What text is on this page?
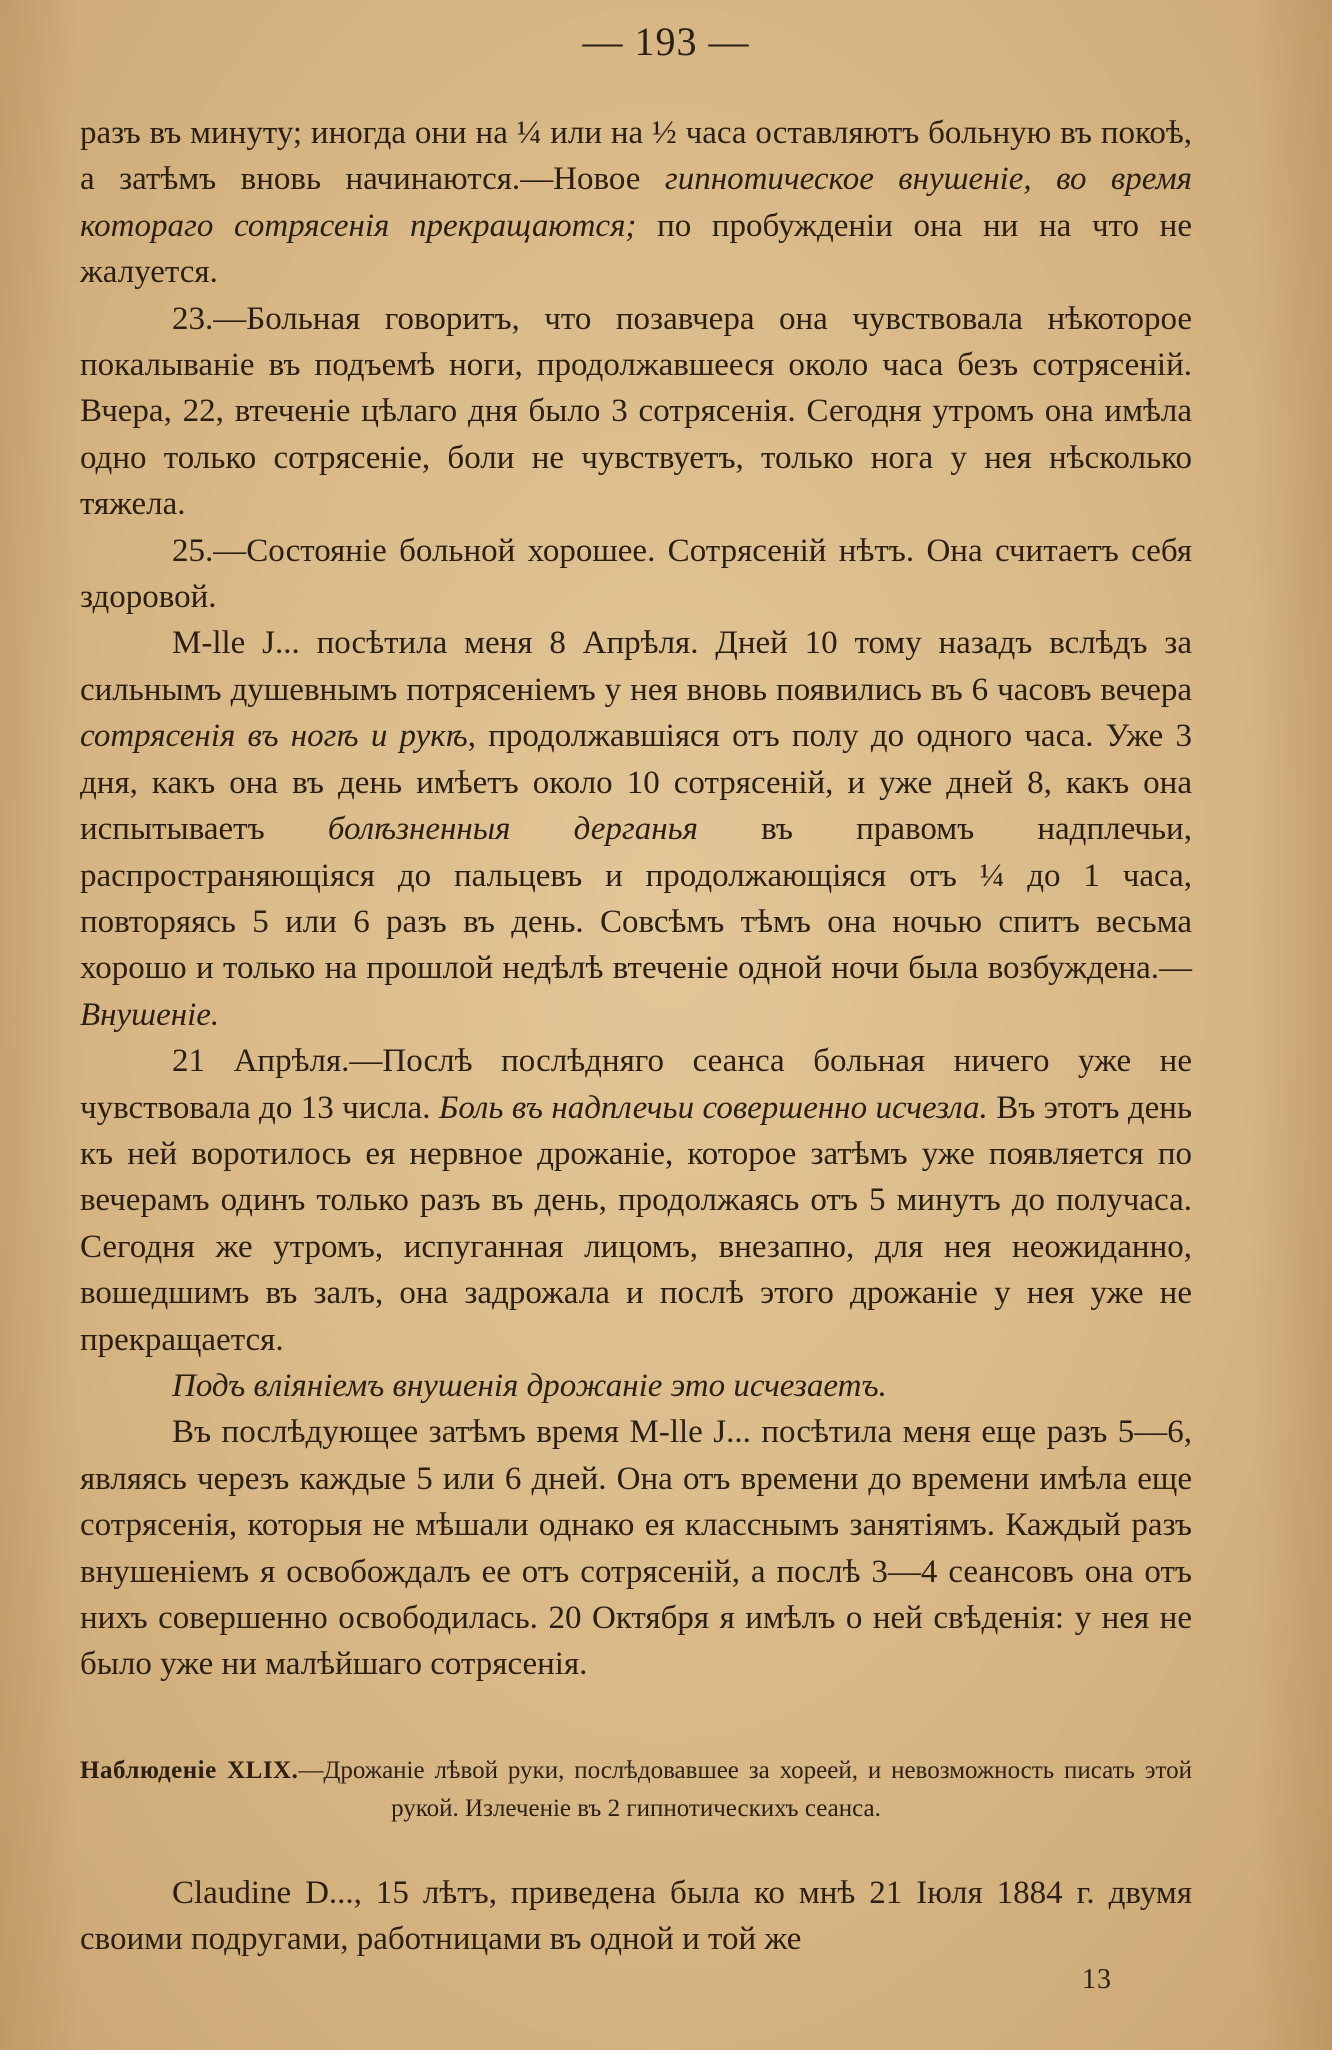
— 193 —

разъ въ минуту; иногда они на ¼ или на ½ часа оставляютъ больную въ покоѣ, а затѣмъ вновь начинаются.—Новое гипнотическое внушеніе, во время котораго сотрясенія прекращаются; по пробужденіи она ни на что не жалуется.

23.—Больная говоритъ, что позавчера она чувствовала нѣкоторое покалываніе въ подъемѣ ноги, продолжавшееся около часа безъ сотрясеній. Вчера, 22, втеченіе цѣлаго дня было 3 сотрясенія. Сегодня утромъ она имѣла одно только сотрясеніе, боли не чувствуетъ, только нога у нея нѣсколько тяжела.

25.—Состояніе больной хорошее. Сотрясеній нѣтъ. Она считаетъ себя здоровой.

M-lle J... посѣтила меня 8 Апрѣля. Дней 10 тому назадъ вслѣдъ за сильнымъ душевнымъ потрясеніемъ у нея вновь появились въ 6 часовъ вечера сотрясенія въ ногѣ и рукѣ, продолжавшіяся отъ полу до одного часа. Уже 3 дня, какъ она въ день имѣетъ около 10 сотрясеній, и уже дней 8, какъ она испытываетъ болѣзненныя дерганья въ правомъ надплечьи, распространяющіяся до пальцевъ и продолжающіяся отъ ¼ до 1 часа, повторяясь 5 или 6 разъ въ день. Совсѣмъ тѣмъ она ночью спитъ весьма хорошо и только на прошлой недѣлѣ втеченіе одной ночи была возбуждена.—Внушеніе.

21 Апрѣля.—Послѣ послѣдняго сеанса больная ничего уже не чувствовала до 13 числа. Боль въ надплечьи совершенно исчезла. Въ этотъ день къ ней воротилось ея нервное дрожаніе, которое затѣмъ уже появляется по вечерамъ одинъ только разъ въ день, продолжаясь отъ 5 минутъ до получаса. Сегодня же утромъ, испуганная лицомъ, внезапно, для нея неожиданно, вошедшимъ въ залъ, она задрожала и послѣ этого дрожаніе у нея уже не прекращается.

Подъ вліяніемъ внушенія дрожаніе это исчезаетъ.

Въ послѣдующее затѣмъ время M-lle J... посѣтила меня еще разъ 5—6, являясь черезъ каждые 5 или 6 дней. Она отъ времени до времени имѣла еще сотрясенія, которыя не мѣшали однако ея класснымъ занятіямъ. Каждый разъ внушеніемъ я освобождалъ ее отъ сотрясеній, а послѣ 3—4 сеансовъ она отъ нихъ совершенно освободилась. 20 Октября я имѣлъ о ней свѣденія: у нея не было уже ни малѣйшаго сотрясенія.

Наблюденіе XLIX.—Дрожаніе лѣвой руки, послѣдовавшее за хореей, и невозможность писать этой рукой. Излеченіе въ 2 гипнотическихъ сеанса.

Claudine D..., 15 лѣтъ, приведена была ко мнѣ 21 Іюля 1884 г. двумя своими подругами, работницами въ одной и той же

13
